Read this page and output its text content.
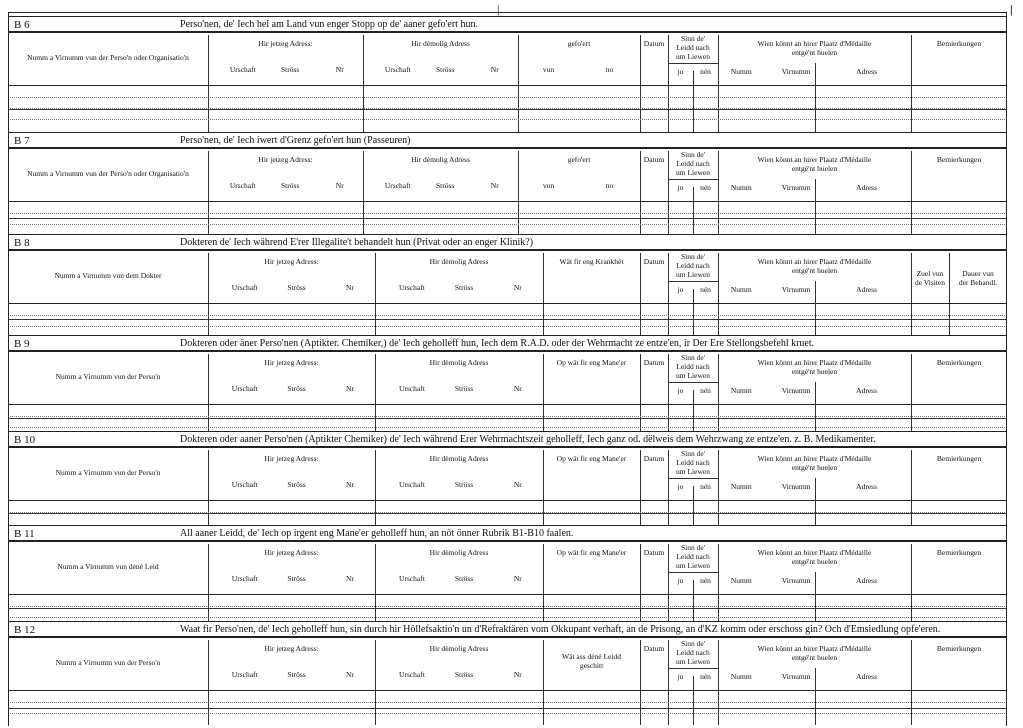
|	|
B 6	Perso'nen, de' Iech hei am Land vun enger Stopp op de' aaner gefo'ert hun.
Numm a Virnumm vun der Perso'n oder Organisatio'n
Hir jetzeg Adress:
Urschaft	Ströss	Nr
Hir dèmolig Adress
Urschaft	Ströss	Nr
gefo'ert
vun	no
Datum
Sinn de'
Leidd nach
um Liewen
jo	nén
Wien könnt an hirer Plaatz d'Médaille
entgé'nt huelen
Numm	Virnumm	Adress
Bemierkungen
B 7	Perso'nen, de' Iech iwert d'Grenz gefo'ert hun (Passeuren)
Numm a Virnumm vun der Perso'n oder Organisatio'n
Hir jetzeg Adress:
Urschaft	Ströss	Nr
Hir dèmolig Adress
Urschaft	Ströss	Nr
gefo'ert
vun	no
Datum
Sinn de'
Leidd nach
um Liewen
jo	nén
Wien könnt an hirer Plaatz d'Médaille
entgé'nt huelen
Numm	Virnumm	Adress
Bemierkungen
B 8	Dokteren de' Iech während E'rer Illegalite't behandelt hun (Privat oder an enger Klinik?)
Numm a Virnumm vun dem Dokter
Hir jetzeg Adress:
Urschaft	Ströss	Nr
Hir dèmolig Adress
Urschaft	Ströss	Nr
Wät fir eng Krankhét	Datum
Sinn de'
Leidd nach
um Liewen
jo	nén
Wien könnt an hirer Plaatz d'Médaille
entgé'nt huelen
Numm	Virnumm	Adress
Zuel vun
de Visiten
Dauer vun
der Behandl.
B 9	Dokteren oder äner Perso'nen (Aptikter. Chemiker,) de' Iech geholleff hun, Iech dem R.A.D. oder der Wehrmacht ze entze'en, ir Der Ere Stellongsbefehl kruet.
Numm a Virnumm vun der Perso'n
Hir jetzeg Adress:
Urschaft	Ströss	Nr
Hir dèmolig Adress
Urschaft	Ströss	Nr
Op wät fir eng Mane'er	Datum
Sinn de'
Leidd nach
um Liewen
jo	nén
Wien könnt an hirer Plaatz d'Médaille
entgé'nt huelen
Numm	Virnumm	Adress
Bemierkungen
B 10	Dokteren oder aaner Perso'nen (Aptikter Chemiker) de' Iech während Erer Wehrmachtszeit geholleff, Iech ganz od. dëlweis dem Wehrzwang ze entze'en. z. B. Medikamenter.
Numm a Virnumm vun der Perso'n
Hir jetzeg Adress:
Urschaft	Ströss	Nr
Hir dèmolig Adress
Urschaft	Ströss	Nr
Op wät fir eng Mane'er	Datum
Sinn de'
Leidd nach
um Liewen
jo	nén
Wien könnt an hirer Plaatz d'Médaille
entgé'nt huelen
Numm	Virnumm	Adress
Bemierkungen
B 11	All aaner Leidd, de' Iech op irgent eng Mane'er geholleff hun, an nöt önner Rubrik B1-B10 faalen.
Numm a Virnumm vun déné Leid
Hir jetzeg Adress:
Urschaft	Ströss	Nr
Hir dèmolig Adress
Urschaft	Ströss	Nr
Op wät fir eng Mane'er	Datum
Sinn de'
Leidd nach
um Liewen
jo	nén
Wien könnt an hirer Plaatz d'Médaille
entgé'nt huelen
Numm	Virnumm	Adress
Bemierkungen
B 12	Waat fir Perso'nen, de' Iech geholleff hun, sin durch hir Höllefsaktio'n un d'Refraktären vom Okkupant verhaft, an de Prisong, an d'KZ komm oder erschoss gin? Och d'Emsiedlung opfe'eren.
Numm a Virnumm vun der Perso'n
Hir jetzeg Adress:
Urschaft	Ströss	Nr
Hir dèmolig Adress
Urschaft	Ströss	Nr
Wät ass déné Leidd
geschitt
Datum
Sinn de'
Leidd nach
um Liewen
jo	nén
Wien könnt an hirer Plaatz d'Médaille
entgé'nt huelen
Numm	Virnumm	Adress
Bemierkungen
